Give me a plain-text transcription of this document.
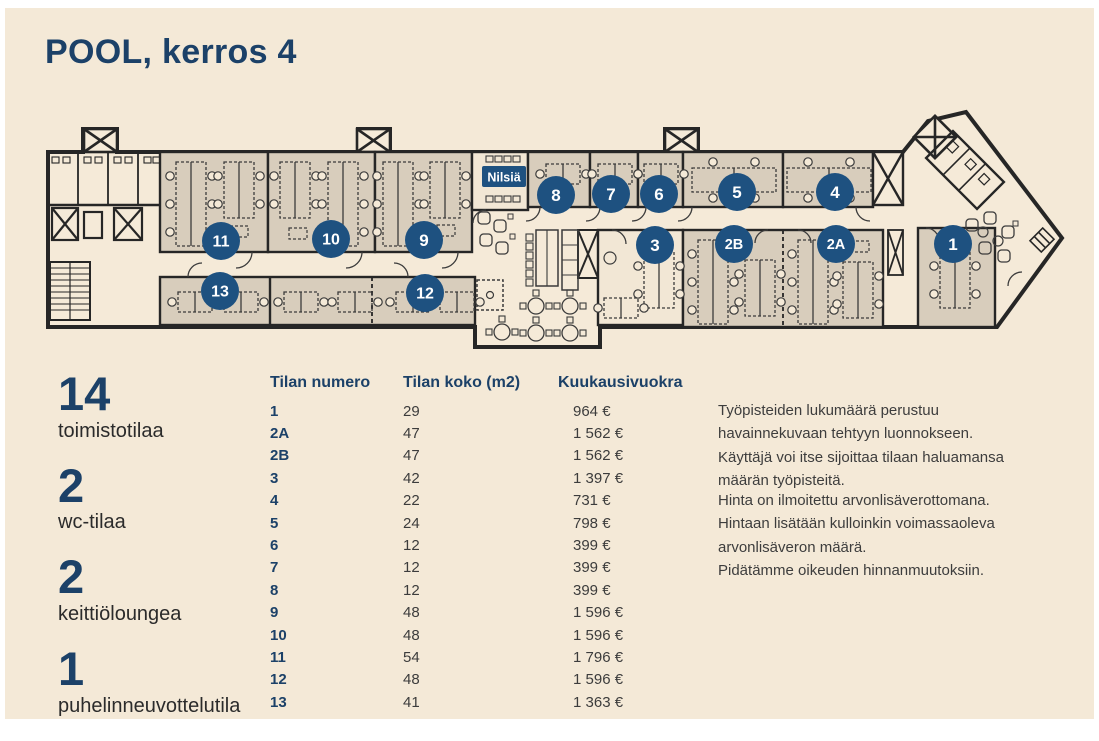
POOL, kerros 4
Nilsiä
11	10	9
13	12
8	7 6	5	4
3	2B	2A	1
14
toimistotilaa
2
wc-tilaa
2
keittiöloungea
1
puhelinneuvottelutila
Tilan numero	Tilan koko (m2)	Kuukausivuokra
1	29	964 €
2A	47	1 562 €
2B	47	1 562 €
3	42	1 397 €
4	22	731 €
5	24	798 €
6	12	399 €
7	12	399 €
8	12	399 €
9	48	1 596 €
10	48	1 596 €
11	54	1 796 €
12	48	1 596 €
13	41	1 363 €
Työpisteiden lukumäärä perustuu havainnekuvaan tehtyyn luonnokseen. Käyttäjä voi itse sijoittaa tilaan haluamansa määrän työpisteitä.
Hinta on ilmoitettu arvonlisäverottomana.
Hintaan lisätään kulloinkin voimassaoleva
arvonlisäveron määrä.
Pidätämme oikeuden hinnanmuutoksiin.
